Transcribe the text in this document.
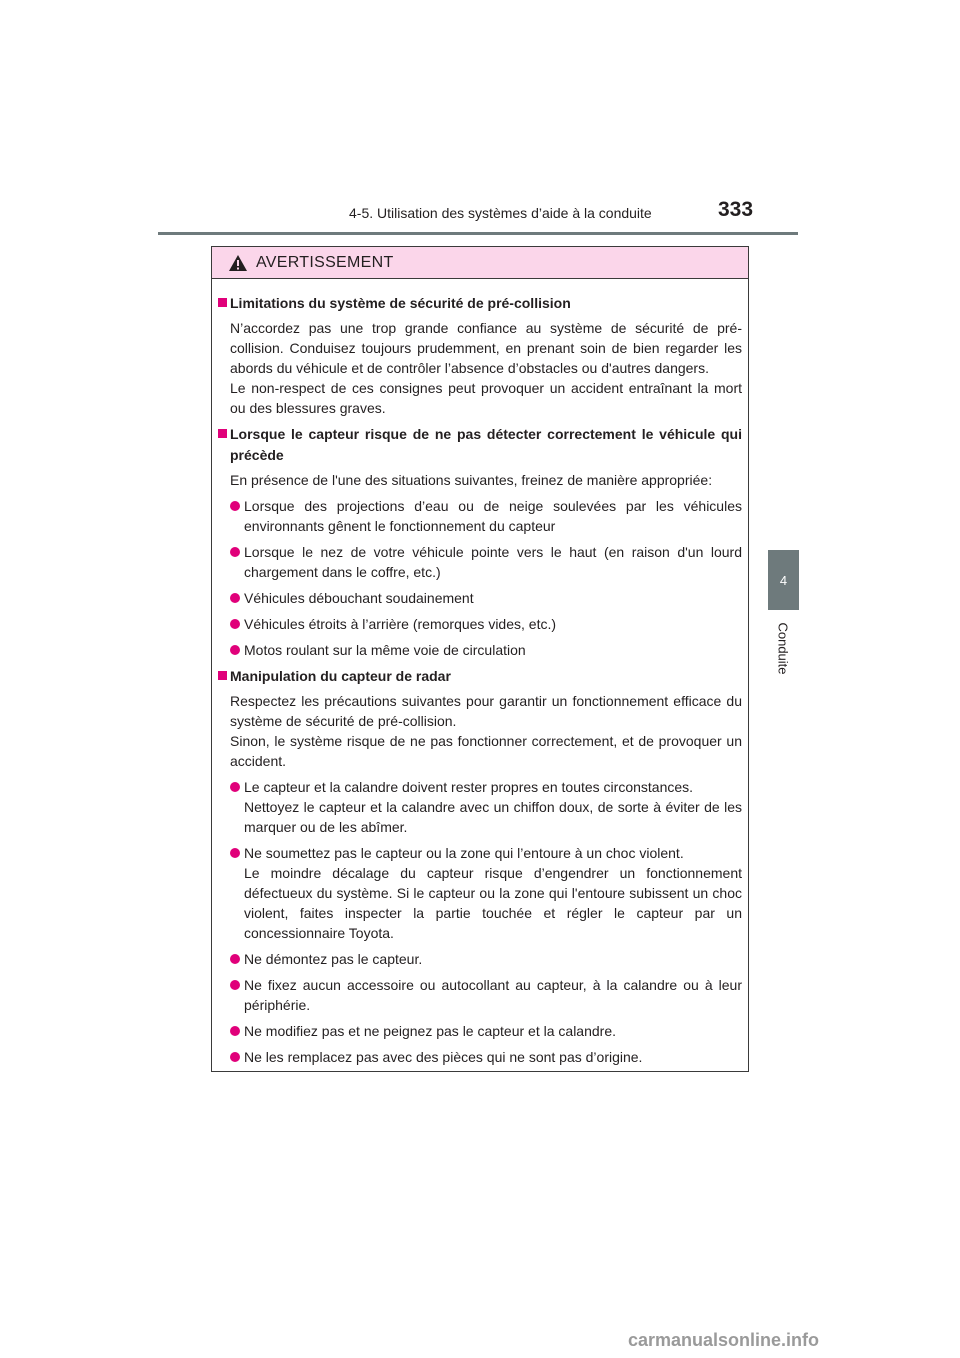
4-5. Utilisation des systèmes d’aide à la conduite	333
4
Conduite
AVERTISSEMENT
Limitations du système de sécurité de pré-collision
N’accordez pas une trop grande confiance au système de sécurité de pré-collision. Conduisez toujours prudemment, en prenant soin de bien regarder les abords du véhicule et de contrôler l’absence d’obstacles ou d'autres dangers.
Le non-respect de ces consignes peut provoquer un accident entraînant la mort ou des blessures graves.
Lorsque le capteur risque de ne pas détecter correctement le véhicule qui précède
En présence de l'une des situations suivantes, freinez de manière appropriée:
Lorsque des projections d’eau ou de neige soulevées par les véhicules environnants gênent le fonctionnement du capteur
Lorsque le nez de votre véhicule pointe vers le haut (en raison d'un lourd chargement dans le coffre, etc.)
Véhicules débouchant soudainement
Véhicules étroits à l’arrière (remorques vides, etc.)
Motos roulant sur la même voie de circulation
Manipulation du capteur de radar
Respectez les précautions suivantes pour garantir un fonctionnement efficace du système de sécurité de pré-collision.
Sinon, le système risque de ne pas fonctionner correctement, et de provoquer un accident.
Le capteur et la calandre doivent rester propres en toutes circonstances.
Nettoyez le capteur et la calandre avec un chiffon doux, de sorte à éviter de les marquer ou de les abîmer.
Ne soumettez pas le capteur ou la zone qui l’entoure à un choc violent.
Le moindre décalage du capteur risque d’engendrer un fonctionnement défectueux du système. Si le capteur ou la zone qui l'entoure subissent un choc violent, faites inspecter la partie touchée et régler le capteur par un concessionnaire Toyota.
Ne démontez pas le capteur.
Ne fixez aucun accessoire ou autocollant au capteur, à la calandre ou à leur périphérie.
Ne modifiez pas et ne peignez pas le capteur et la calandre.
Ne les remplacez pas avec des pièces qui ne sont pas d’origine.
carmanualsonline.info
